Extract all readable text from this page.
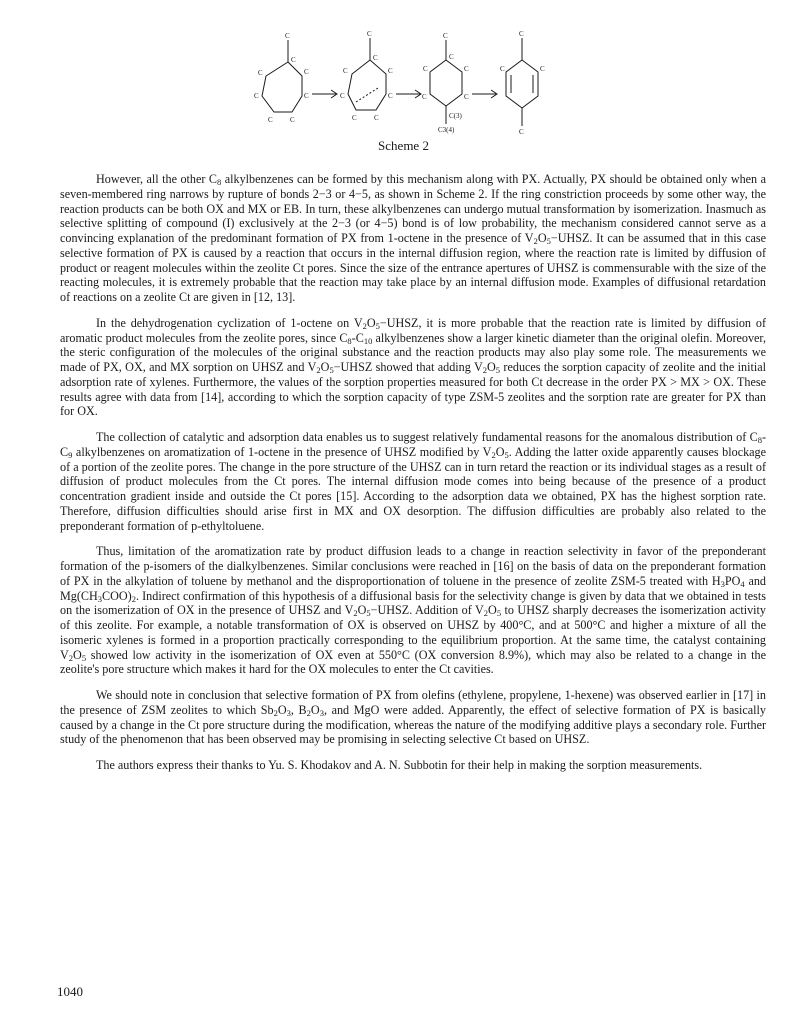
C
C
C	C
C	C
C C
C
C
C	C
C	C
C C
C
C
C	C
C	C
C
C
C
C(3)
C3(4)	C
Scheme 2

However, all the other $C_8$ alkylbenzenes can be formed by this mechanism along with PX. Actually, PX should be obtained only when a seven-membered ring narrows by rupture of bonds 2−3 or 4−5, as shown in Scheme 2. If the ring constriction proceeds by some other way, the reaction products can be both OX and MX or EB. In turn, these alkylbenzenes can undergo mutual transformation by isomerization. Inasmuch as selective splitting of compound (I) exclusively at the 2−3 (or 4−5) bond is of low probability, the mechanism considered cannot serve as a convincing explanation of the predominant formation of PX from 1-octene in the presence of $V_2O_5-UHSZ$. It can be assumed that in this case selective formation of PX is caused by a reaction that occurs in the internal diffusion region, where the reaction rate is limited by diffusion of product or reagent molecules within the zeolite Ct pores. Since the size of the entrance apertures of UHSZ is commensurable with the size of the reacting molecules, it is extremely probable that the reaction may take place by an internal diffusion mode. Examples of diffusional retardation of reactions on a zeolite Ct are given in [12, 13].

In the dehydrogenation cyclization of 1-octene on $V_2O_5-UHSZ$, it is more probable that the reaction rate is limited by diffusion of aromatic product molecules from the zeolite pores, since $C_8-C_{10}$ alkylbenzenes show a larger kinetic diameter than the original olefin. Moreover, the steric configuration of the molecules of the original substance and the reaction products may also play some role. The measurements we made of PX, OX, and MX sorption on UHSZ and $V_2O_5-UHSZ$ showed that adding $V_2O_5$ reduces the sorption capacity of zeolite and the initial adsorption rate of xylenes. Furthermore, the values of the sorption properties measured for both Ct decrease in the order PX > MX > OX. These results agree with data from [14], according to which the sorption capacity of type ZSM-5 zeolites and the sorption rate are greater for PX than for OX.

The collection of catalytic and adsorption data enables us to suggest relatively fundamental reasons for the anomalous distribution of $C_8-C_9$ alkylbenzenes on aromatization of 1-octene in the presence of UHSZ modified by $V_2O_5$. Adding the latter oxide apparently causes blockage of a portion of the zeolite pores. The change in the pore structure of the UHSZ can in turn retard the reaction or its individual stages as a result of diffusion of product molecules from the Ct pores. The internal diffusion mode comes into being because of the presence of a product concentration gradient inside and outside the Ct pores [15]. According to the adsorption data we obtained, PX has the highest sorption rate. Therefore, diffusion difficulties should arise first in MX and OX desorption. The diffusion difficulties are probably also related to the preponderant formation of p-ethyltoluene.

Thus, limitation of the aromatization rate by product diffusion leads to a change in reaction selectivity in favor of the preponderant formation of the p-isomers of the dialkylbenzenes. Similar conclusions were reached in [16] on the basis of data on the preponderant formation of PX in the alkylation of toluene by methanol and the disproportionation of toluene in the presence of zeolite ZSM-5 treated with $H_3PO_4$ and $Mg(CH_3COO)_2$. Indirect confirmation of this hypothesis of a diffusional basis for the selectivity change is given by data that we obtained in tests on the isomerization of OX in the presence of UHSZ and $V_2O_5-UHSZ$. Addition of $V_2O_5$ to UHSZ sharply decreases the isomerization activity of this zeolite. For example, a notable transformation of OX is observed on UHSZ by 400°C, and at 500°C and higher a mixture of all the isomeric xylenes is formed in a proportion practically corresponding to the equilibrium proportion. At the same time, the catalyst containing $V_2O_5$ showed low activity in the isomerization of OX even at 550°C (OX conversion 8.9%), which may also be related to a change in the zeolite's pore structure which makes it hard for the OX molecules to enter the Ct cavities.

We should note in conclusion that selective formation of PX from olefins (ethylene, propylene, 1-hexene) was observed earlier in [17] in the presence of ZSM zeolites to which $Sb_2O_3$, $B_2O_3$, and MgO were added. Apparently, the effect of selective formation of PX is basically caused by a change in the Ct pore structure during the modification, whereas the nature of the modifying additive plays a secondary role. Further study of the phenomenon that has been observed may be promising in selecting selective Ct based on UHSZ.

The authors express their thanks to Yu. S. Khodakov and A. N. Subbotin for their help in making the sorption measurements.

1040
